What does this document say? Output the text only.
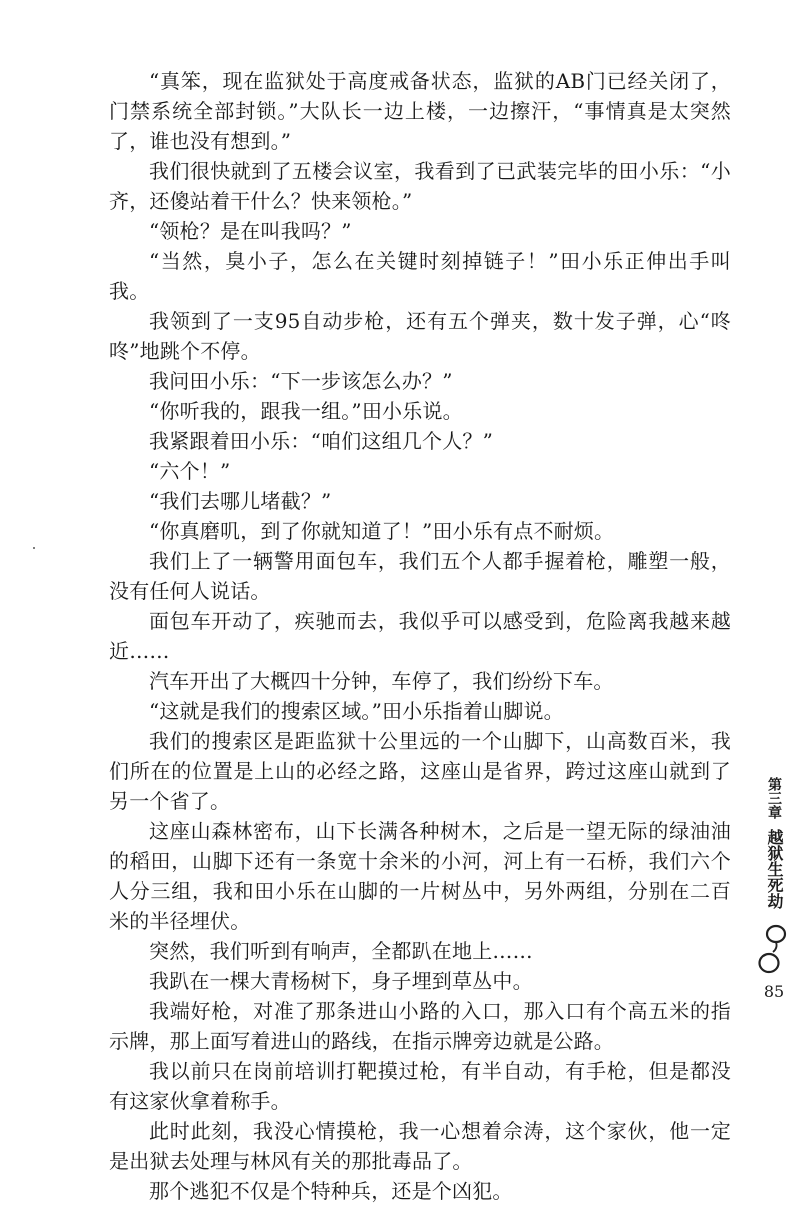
“真笨，现在监狱处于高度戒备状态，监狱的AB门已经关闭了，门禁系统全部封锁。”大队长一边上楼，一边擦汗，“事情真是太突然了，谁也没有想到。”

我们很快就到了五楼会议室，我看到了已武装完毕的田小乐：“小齐，还傻站着干什么？快来领枪。”

“领枪？是在叫我吗？”

“当然，臭小子，怎么在关键时刻掉链子！”田小乐正伸出手叫我。

我领到了一支95自动步枪，还有五个弹夹，数十发子弹，心“咚咚”地跳个不停。

我问田小乐：“下一步该怎么办？”

“你听我的，跟我一组。”田小乐说。

我紧跟着田小乐：“咱们这组几个人？”

“六个！”

“我们去哪儿堵截？”

“你真磨叽，到了你就知道了！”田小乐有点不耐烦。

我们上了一辆警用面包车，我们五个人都手握着枪，雕塑一般，没有任何人说话。

面包车开动了，疾驰而去，我似乎可以感受到，危险离我越来越近……

汽车开出了大概四十分钟，车停了，我们纷纷下车。

“这就是我们的搜索区域。”田小乐指着山脚说。

我们的搜索区是距监狱十公里远的一个山脚下，山高数百米，我们所在的位置是上山的必经之路，这座山是省界，跨过这座山就到了另一个省了。

这座山森林密布，山下长满各种树木，之后是一望无际的绿油油的稻田，山脚下还有一条宽十余米的小河，河上有一石桥，我们六个人分三组，我和田小乐在山脚的一片树丛中，另外两组，分别在二百米的半径埋伏。

突然，我们听到有响声，全都趴在地上……

我趴在一棵大青杨树下，身子埋到草丛中。

我端好枪，对准了那条进山小路的入口，那入口有个高五米的指示牌，那上面写着进山的路线，在指示牌旁边就是公路。

我以前只在岗前培训打靶摸过枪，有半自动，有手枪，但是都没有这家伙拿着称手。

此时此刻，我没心情摸枪，我一心想着佘涛，这个家伙，他一定是出狱去处理与林风有关的那批毒品了。

那个逃犯不仅是个特种兵，还是个凶犯。

第三章
越狱生死劫
85
